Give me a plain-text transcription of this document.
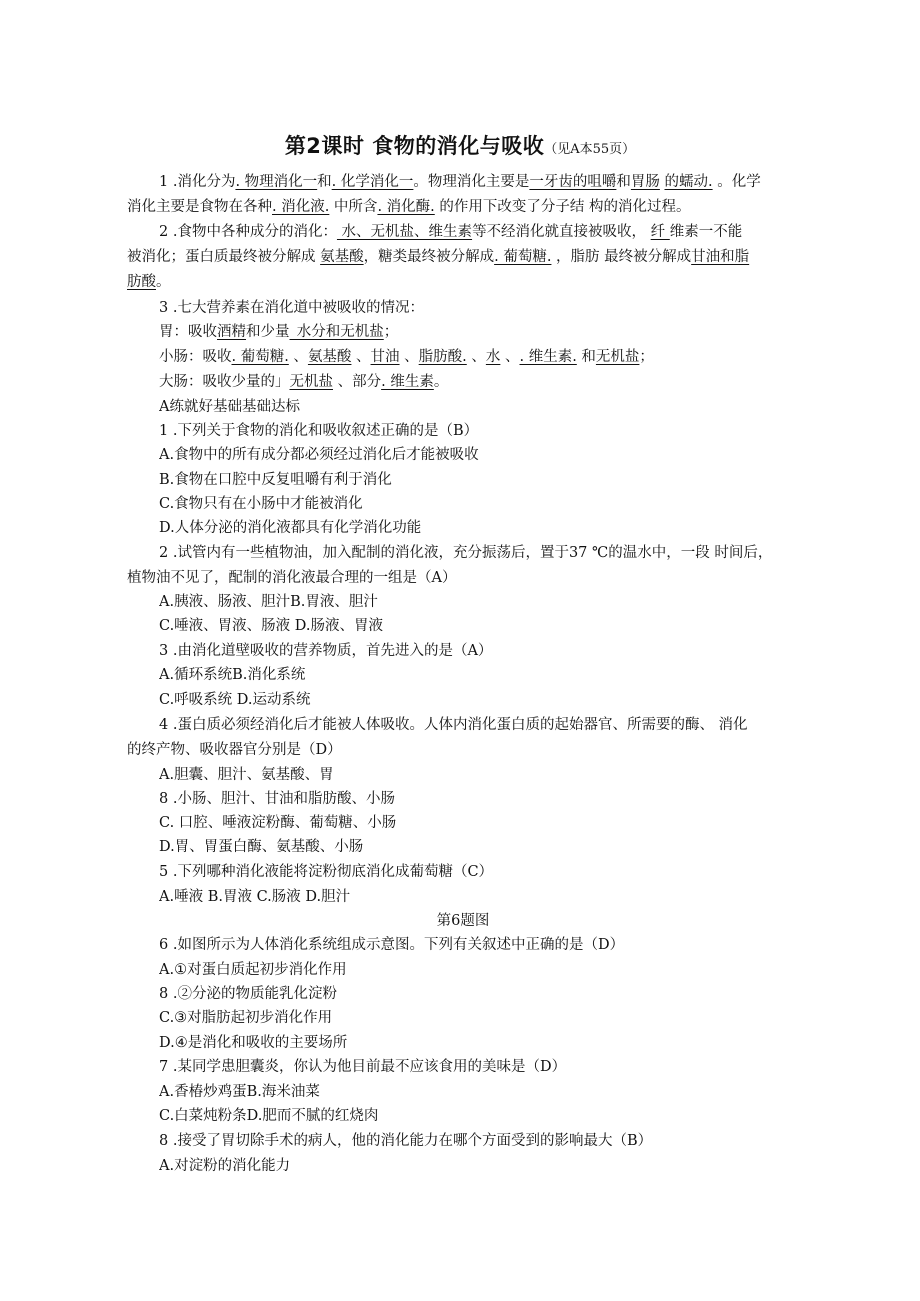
第2课时 食物的消化与吸收（见A本55页）
1 .消化分为. 物理消化一和. 化学消化一。物理消化主要是一牙齿的咀嚼和胃肠 的蠕动. 。化学
消化主要是食物在各种. 消化液. 中所含. 消化酶. 的作用下改变了分子结 构的消化过程。
2 .食物中各种成分的消化： 水、无机盐、维生素等不经消化就直接被吸收， 纤 维素一不能
被消化；蛋白质最终被分解成 氨基酸，糖类最终被分解成. 葡萄糖. ，脂肪 最终被分解成甘油和脂
肪酸。
3 .七大营养素在消化道中被吸收的情况：
胃：吸收酒精和少量_水分和无机盐；
小肠：吸收. 葡萄糖. 、氨基酸 、甘油 、脂肪酸. 、水 、. 维生素. 和无机盐；
大肠：吸收少量的」无机盐 、部分. 维生素。
A练就好基础基础达标
1 .下列关于食物的消化和吸收叙述正确的是（B）
A.食物中的所有成分都必须经过消化后才能被吸收
B.食物在口腔中反复咀嚼有利于消化
C.食物只有在小肠中才能被消化
D.人体分泌的消化液都具有化学消化功能
2 .试管内有一些植物油，加入配制的消化液，充分振荡后，置于37 ℃的温水中，一段 时间后，
植物油不见了，配制的消化液最合理的一组是（A）
A.胰液、肠液、胆汁B.胃液、胆汁
C.唾液、胃液、肠液 D.肠液、胃液
3 .由消化道壁吸收的营养物质，首先进入的是（A）
A.循环系统B.消化系统
C.呼吸系统 D.运动系统
4 .蛋白质必须经消化后才能被人体吸收。人体内消化蛋白质的起始器官、所需要的酶、 消化
的终产物、吸收器官分别是（D）
A.胆囊、胆汁、氨基酸、胃
8 .小肠、胆汁、甘油和脂肪酸、小肠
C. 口腔、唾液淀粉酶、葡萄糖、小肠
D.胃、胃蛋白酶、氨基酸、小肠
5 .下列哪种消化液能将淀粉彻底消化成葡萄糖（C）
A.唾液 B.胃液 C.肠液 D.胆汁
第6题图
6 .如图所示为人体消化系统组成示意图。下列有关叙述中正确的是（D）
A.①对蛋白质起初步消化作用
8 .②分泌的物质能乳化淀粉
C.③对脂肪起初步消化作用
D.④是消化和吸收的主要场所
7 .某同学患胆囊炎，你认为他目前最不应该食用的美味是（D）
A.香椿炒鸡蛋B.海米油菜
C.白菜炖粉条D.肥而不腻的红烧肉
8 .接受了胃切除手术的病人，他的消化能力在哪个方面受到的影响最大（B）
A.对淀粉的消化能力
